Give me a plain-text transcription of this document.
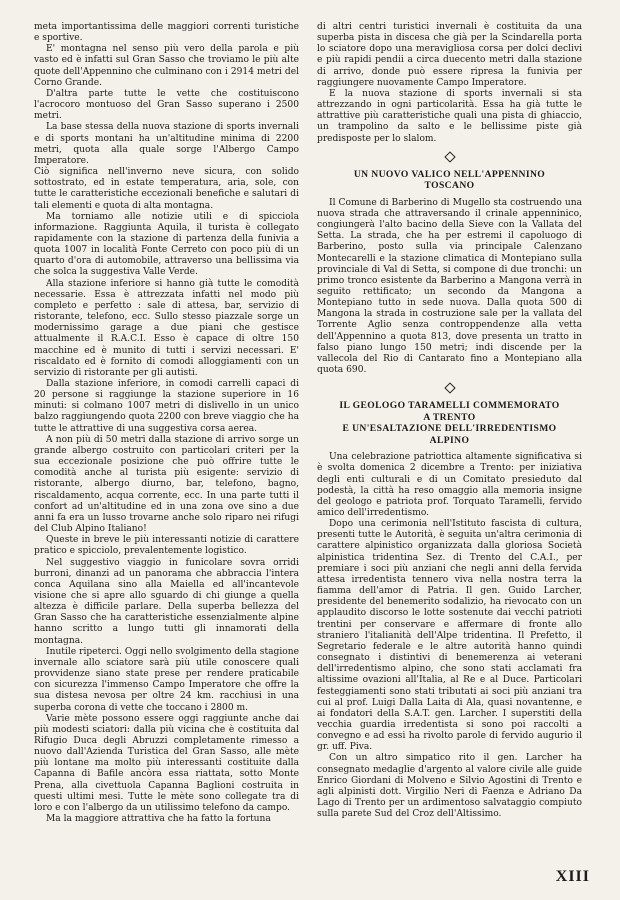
meta importantissima delle maggiori correnti turistiche e sportive.

E' montagna nel senso più vero della parola e più vasto ed è infatti sul Gran Sasso che troviamo le più alte quote dell'Appennino che culminano con i 2914 metri del Corno Grande.

D'altra parte tutte le vette che costituiscono l'acrocoro montuoso del Gran Sasso superano i 2500 metri.

La base stessa della nuova stazione di sports invernali e di sports montani ha un'altitudine minima di 2200 metri, quota alla quale sorge l'Albergo Campo Imperatore.

Ciò significa nell'inverno neve sicura, con solido sottostrato, ed in estate temperatura, aria, sole, con tutte le caratteristiche eccezionali benefiche e salutari di tali elementi e quota di alta montagna.

Ma torniamo alle notizie utili e di spicciola informazione. Raggiunta Aquila, il turista è collegato rapidamente con la stazione di partenza della funivia a quota 1007 in località Fonte Cerreto con poco più di un quarto d'ora di automobile, attraverso una bellissima via che solca la suggestiva Valle Verde.

Alla stazione inferiore si hanno già tutte le comodità necessarie. Essa è attrezzata infatti nel modo più completo e perfetto : sale di attesa, bar, servizio di ristorante, telefono, ecc. Sullo stesso piazzale sorge un modernissimo garage a due piani che gestisce attualmente il R.A.C.I. Esso è capace di oltre 150 macchine ed è munito di tutti i servizi necessari. E' riscaldato ed è fornito di comodi alloggiamenti con un servizio di ristorante per gli autisti.

Dalla stazione inferiore, in comodi carrelli capaci di 20 persone si raggiunge la stazione superiore in 16 minuti: si colmano 1007 metri di dislivello in un unico balzo raggiungendo quota 2200 con breve viaggio che ha tutte le attrattive di una suggestiva corsa aerea.

A non più di 50 metri dalla stazione di arrivo sorge un grande albergo costruito con particolari criteri per la sua eccezionale posizione che può offrire tutte le comodità anche al turista più esigente: servizio di ristorante, albergo diurno, bar, telefono, bagno, riscaldamento, acqua corrente, ecc. In una parte tutti il confort ad un'altitudine ed in una zona ove sino a due anni fa era un lusso trovarne anche solo riparo nei rifugi del Club Alpino Italiano!

Queste in breve le più interessanti notizie di carattere pratico e spicciolo, prevalentemente logistico.

Nel suggestivo viaggio in funicolare sovra orridi burroni, dinanzi ad un panorama che abbraccia l'intera conca Aquilana sino alla Maiella ed all'incantevole visione che si apre allo sguardo di chi giunge a quella altezza è difficile parlare. Della superba bellezza del Gran Sasso che ha caratteristiche essenzialmente alpine hanno scritto a lungo tutti gli innamorati della montagna.

Inutile ripeterci. Oggi nello svolgimento della stagione invernale allo sciatore sarà più utile conoscere quali provvidenze siano state prese per rendere praticabile con sicurezza l'immenso Campo Imperatore che offre la sua distesa nevosa per oltre 24 km. racchiusi in una superba corona di vette che toccano i 2800 m.

Varie mète possono essere oggi raggiunte anche dai più modesti sciatori: dalla più vicina che è costituita dal Rifugio Duca degli Abruzzi completamente rimesso a nuovo dall'Azienda Turistica del Gran Sasso, alle mète più lontane ma molto più interessanti costituite dalla Capanna di Bafile ancòra essa riattata, sotto Monte Prena, alla civettuola Capanna Baglioni costruita in questi ultimi mesi. Tutte le mète sono collegate tra di loro e con l'albergo da un utilissimo telefono da campo.

Ma la maggiore attrattiva che ha fatto la fortuna

di altri centri turistici invernali è costituita da una superba pista in discesa che già per la Scindarella porta lo sciatore dopo una meravigliosa corsa per dolci declivi e più rapidi pendii a circa duecento metri dalla stazione di arrivo, donde può essere ripresa la funivia per raggiungere nuovamente Campo Imperatore.

E la nuova stazione di sports invernali si sta attrezzando in ogni particolarità. Essa ha già tutte le attrattive più caratteristiche quali una pista di ghiaccio, un trampolino da salto e le bellissime piste già predisposte per lo slalom.

UN NUOVO VALICO NELL'APPENNINO
TOSCANO

Il Comune di Barberino di Mugello sta costruendo una nuova strada che attraversando il crinale appenninico, congiungerà l'alto bacino della Sieve con la Vallata del Setta. La strada, che ha per estremi il capoluogo di Barberino, posto sulla via principale Calenzano Montecarelli e la stazione climatica di Montepiano sulla provinciale di Val di Setta, si compone di due tronchi: un primo tronco esistente da Barberino a Mangona verrà in seguito rettificato; un secondo da Mangona a Montepiano tutto in sede nuova. Dalla quota 500 di Mangona la strada in costruzione sale per la vallata del Torrente Aglio senza controppendenze alla vetta dell'Appennino a quota 813, dove presenta un tratto in falso piano lungo 150 metri; indi discende per la vallecola del Rio di Cantarato fino a Montepiano alla quota 690.

IL GEOLOGO TARAMELLI COMMEMORATO
A TRENTO
E UN'ESALTAZIONE DELL'IRREDENTISMO
ALPINO

Una celebrazione patriottica altamente significativa si è svolta domenica 2 dicembre a Trento: per iniziativa degli enti culturali e di un Comitato presieduto dal podestà, la città ha reso omaggio alla memoria insigne del geologo e patriota prof. Torquato Taramelli, fervido amico dell'irredentismo.

Dopo una cerimonia nell'Istituto fascista di cultura, presenti tutte le Autorità, è seguita un'altra cerimonia di carattere alpinistico organizzata dalla gloriosa Società alpinistica tridentina Sez. di Trento del C.A.I., per premiare i soci più anziani che negli anni della fervida attesa irredentista tennero viva nella nostra terra la fiamma dell'amor di Patria. Il gen. Guido Larcher, presidente del benemerito sodalizio, ha rievocato con un applaudito discorso le lotte sostenute dai vecchi patrioti trentini per conservare e affermare di fronte allo straniero l'italianità dell'Alpe tridentina. Il Prefetto, il Segretario federale e le altre autorità hanno quindi consegnato i distintivi di benemerenza ai veterani dell'irredentismo alpino, che sono stati acclamati fra altissime ovazioni all'Italia, al Re e al Duce. Particolari festeggiamenti sono stati tributati ai soci più anziani tra cui al prof. Luigi Dalla Laita di Ala, quasi novantenne, e ai fondatori della S.A.T. gen. Larcher. I superstiti della vecchia guardia irredentista si sono poi raccolti a convegno e ad essi ha rivolto parole di fervido augurio il gr. uff. Piva.

Con un altro simpatico rito il gen. Larcher ha consegnato medaglie d'argento al valore civile alle guide Enrico Giordani di Molveno e Silvio Agostini di Trento e agli alpinisti dott. Virgilio Neri di Faenza e Adriano Da Lago di Trento per un ardimentoso salvataggio compiuto sulla parete Sud del Croz dell'Altissimo.

XIII
